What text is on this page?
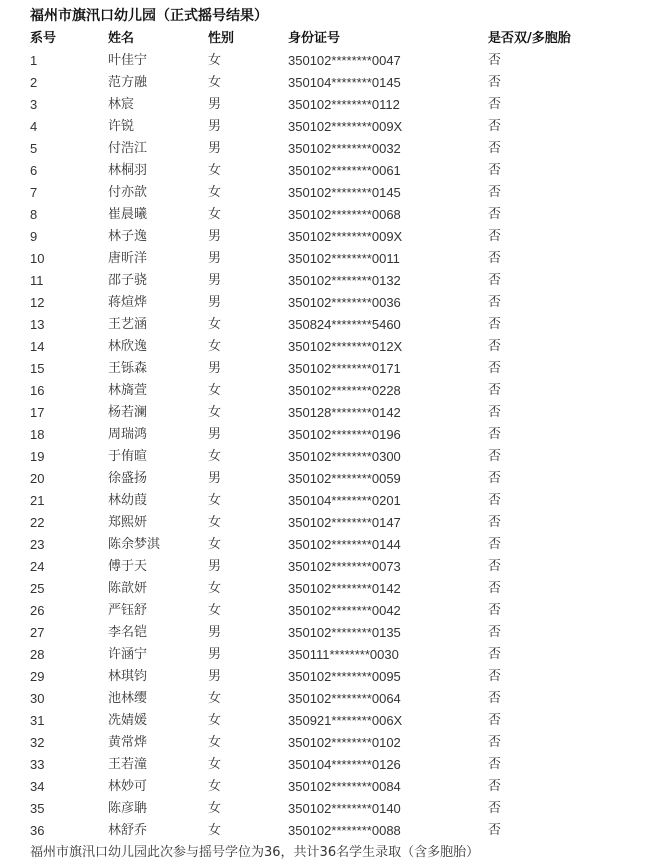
福州市旗汛口幼儿园（正式摇号结果）
系号	姓名	性别	身份证号	是否双/多胞胎
1	叶佳宁	女	350102********0047	否
2	范方融	女	350104********0145	否
3	林宸	男	350102********0112	否
4	许锐	男	350102********009X	否
5	付浩江	男	350102********0032	否
6	林桐羽	女	350102********0061	否
7	付亦歆	女	350102********0145	否
8	崔晨曦	女	350102********0068	否
9	林子逸	男	350102********009X	否
10	唐昕洋	男	350102********0011	否
11	邵子骁	男	350102********0132	否
12	蒋煊烨	男	350102********0036	否
13	王艺涵	女	350824********5460	否
14	林欣逸	女	350102********012X	否
15	王铄森	男	350102********0171	否
16	林旖萱	女	350102********0228	否
17	杨若澜	女	350128********0142	否
18	周瑞鸿	男	350102********0196	否
19	于侑暄	女	350102********0300	否
20	徐盛扬	男	350102********0059	否
21	林幼葭	女	350104********0201	否
22	郑熙妍	女	350102********0147	否
23	陈余梦淇	女	350102********0144	否
24	傅于天	男	350102********0073	否
25	陈歆妍	女	350102********0142	否
26	严钰舒	女	350102********0042	否
27	李名铠	男	350102********0135	否
28	许涵宁	男	350111********0030	否
29	林琪钧	男	350102********0095	否
30	池林缨	女	350102********0064	否
31	冼婧媛	女	350921********006X	否
32	黄常烨	女	350102********0102	否
33	王若潼	女	350104********0126	否
34	林妙可	女	350102********0084	否
35	陈彦聃	女	350102********0140	否
36	林舒乔	女	350102********0088	否

福州市旗汛口幼儿园此次参与摇号学位为36，共计36名学生录取（含多胞胎）
